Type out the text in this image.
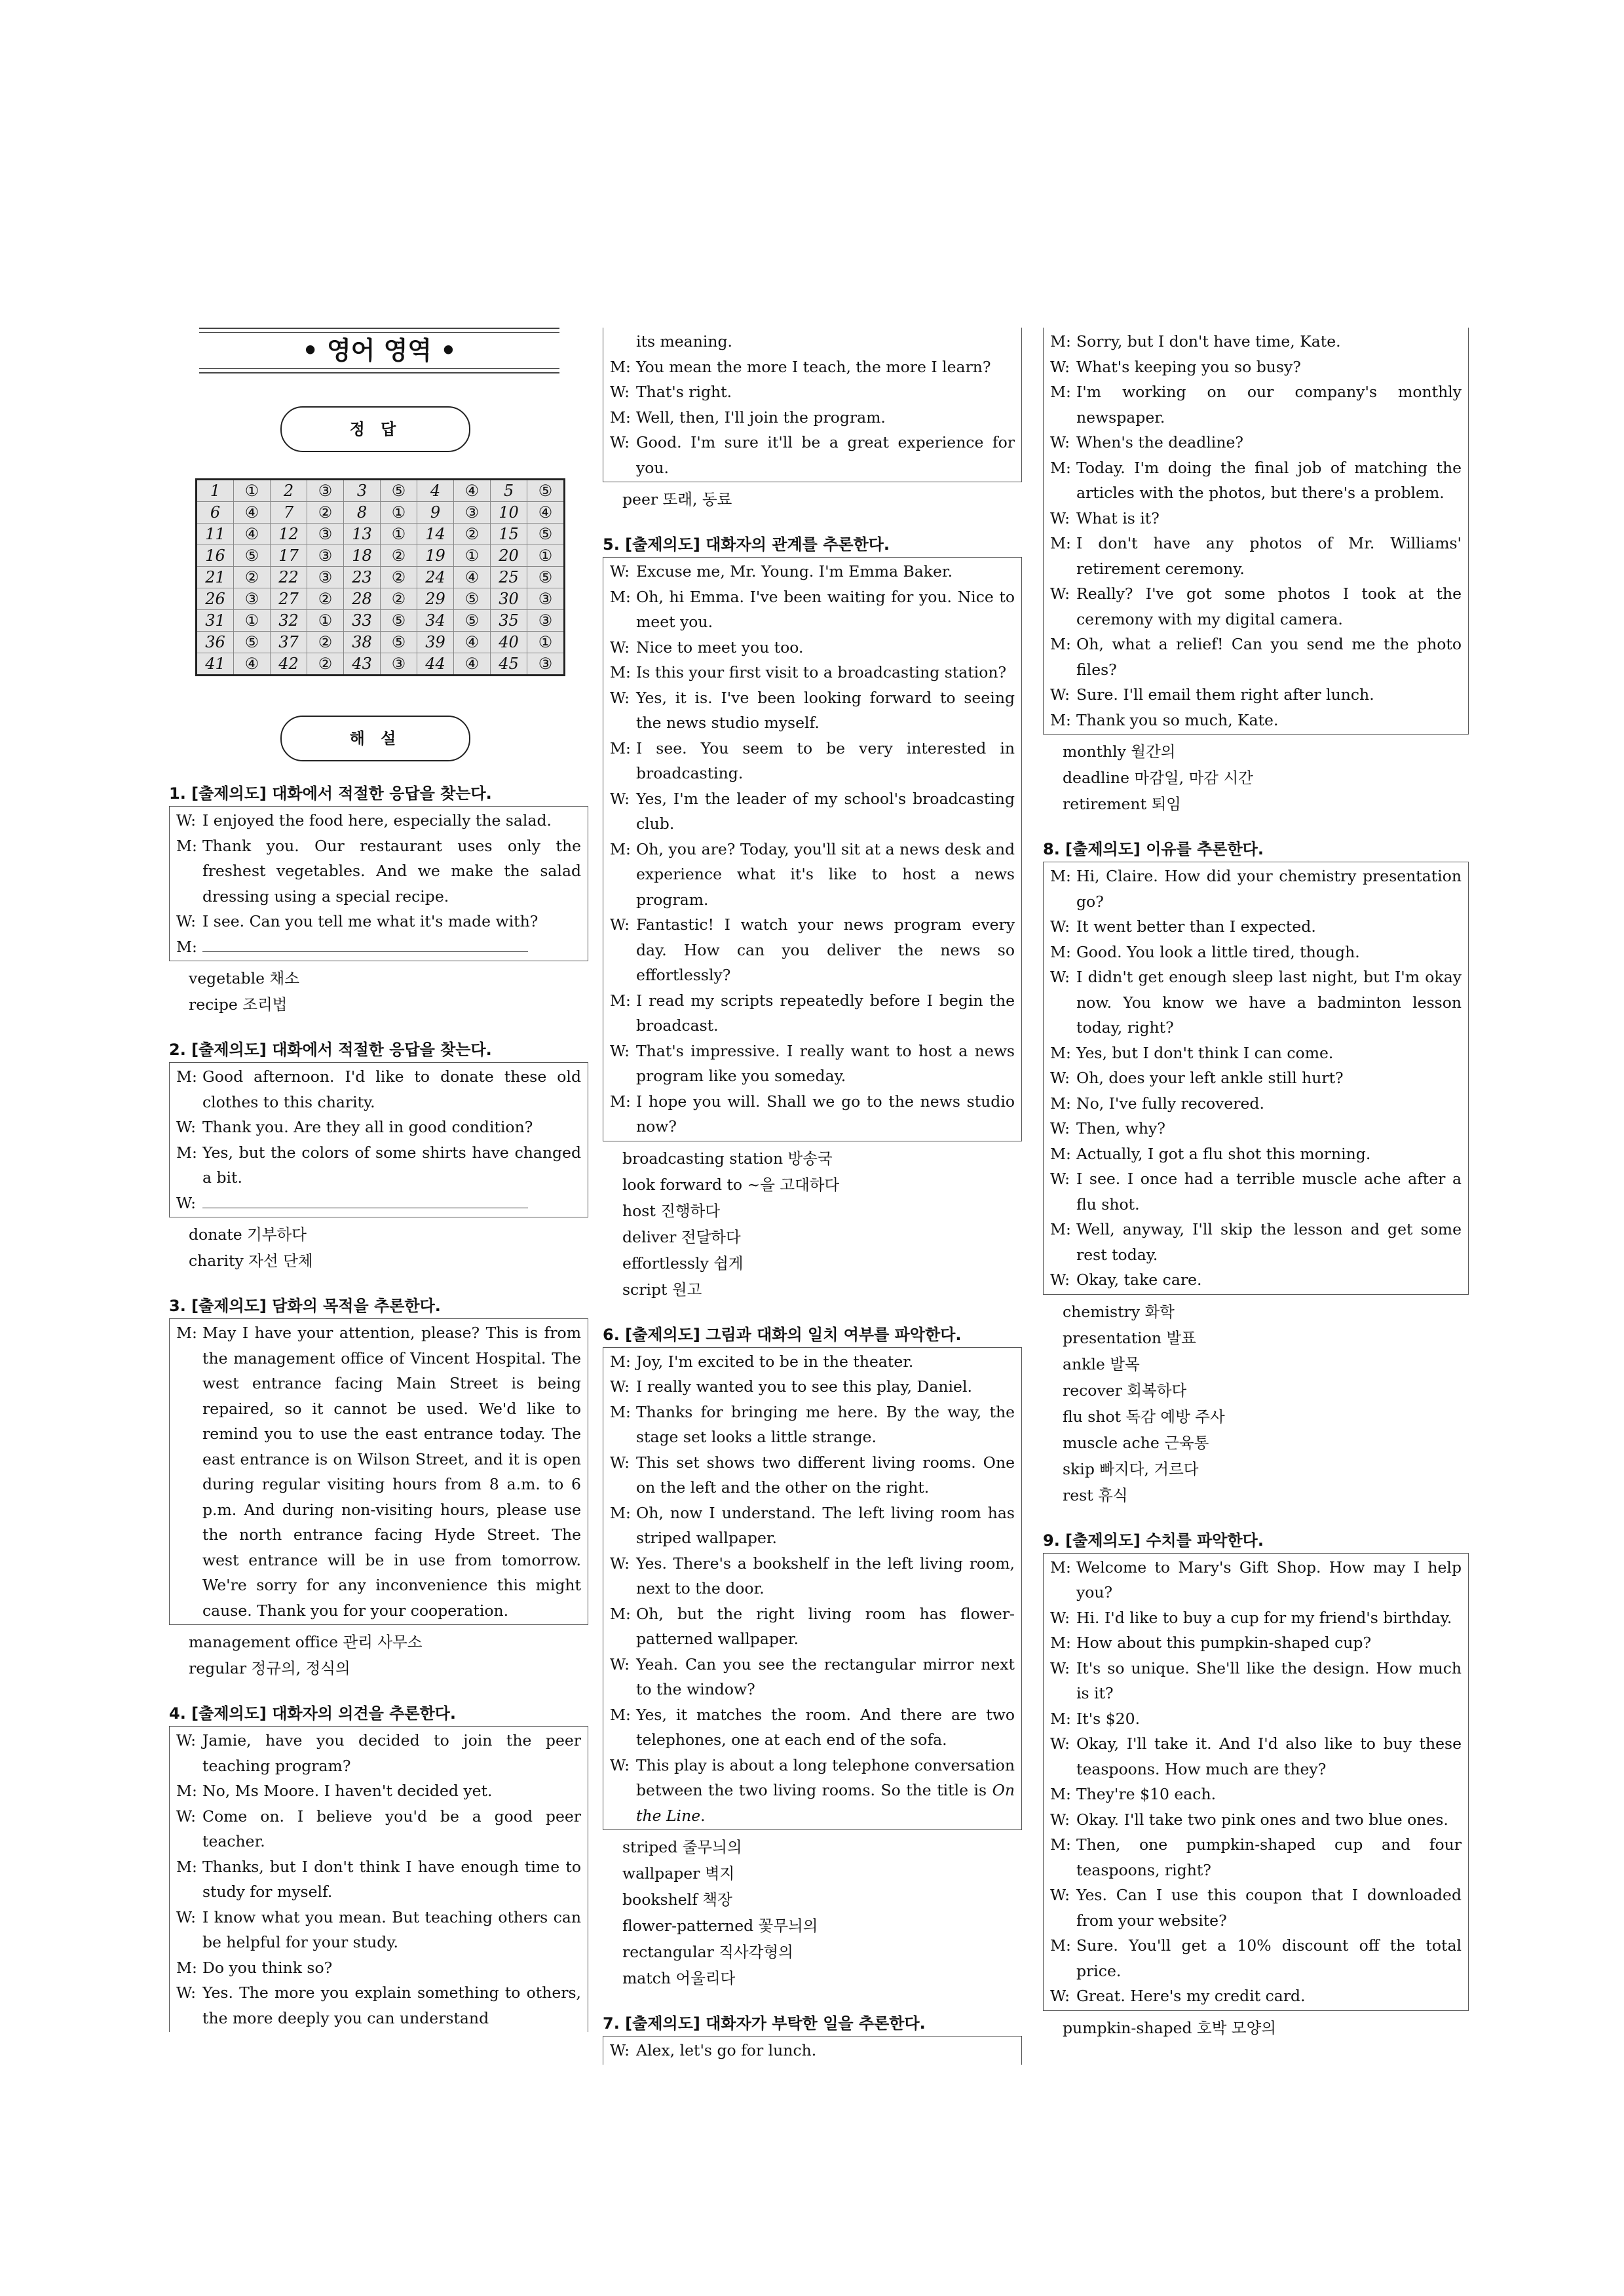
• 영어 영역 •
정 답
1	①	2	③	3	⑤	4	④	5	⑤
6	④	7	②	8	①	9	③	10	④
11	④	12	③	13	①	14	②	15	⑤
16	⑤	17	③	18	②	19	①	20	①
21	②	22	③	23	②	24	④	25	⑤
26	③	27	②	28	②	29	⑤	30	③
31	①	32	①	33	⑤	34	⑤	35	③
36	⑤	37	②	38	⑤	39	④	40	①
41	④	42	②	43	③	44	④	45	③
해 설
1. [출제의도] 대화에서 적절한 응답을 찾는다.
W: I enjoyed the food here, especially the salad.
M: Thank you. Our restaurant uses only the freshest vegetables. And we make the salad dressing using a special recipe.
W: I see. Can you tell me what it's made with?
M:
vegetable 채소
recipe 조리법
2. [출제의도] 대화에서 적절한 응답을 찾는다.
M: Good afternoon. I'd like to donate these old clothes to this charity.
W: Thank you. Are they all in good condition?
M: Yes, but the colors of some shirts have changed a bit.
W:
donate 기부하다
charity 자선 단체
3. [출제의도] 담화의 목적을 추론한다.
M: May I have your attention, please? This is from the management office of Vincent Hospital. The west entrance facing Main Street is being repaired, so it cannot be used. We'd like to remind you to use the east entrance today. The east entrance is on Wilson Street, and it is open during regular visiting hours from 8 a.m. to 6 p.m. And during non-visiting hours, please use the north entrance facing Hyde Street. The west entrance will be in use from tomorrow. We're sorry for any inconvenience this might cause. Thank you for your cooperation.
management office 관리 사무소
regular 정규의, 정식의
4. [출제의도] 대화자의 의견을 추론한다.
W: Jamie, have you decided to join the peer teaching program?
M: No, Ms Moore. I haven't decided yet.
W: Come on. I believe you'd be a good peer teacher.
M: Thanks, but I don't think I have enough time to study for myself.
W: I know what you mean. But teaching others can be helpful for your study.
M: Do you think so?
W: Yes. The more you explain something to others, the more deeply you can understand
its meaning.
M: You mean the more I teach, the more I learn?
W: That's right.
M: Well, then, I'll join the program.
W: Good. I'm sure it'll be a great experience for you.
peer 또래, 동료
5. [출제의도] 대화자의 관계를 추론한다.
W: Excuse me, Mr. Young. I'm Emma Baker.
M: Oh, hi Emma. I've been waiting for you. Nice to meet you.
W: Nice to meet you too.
M: Is this your first visit to a broadcasting station?
W: Yes, it is. I've been looking forward to seeing the news studio myself.
M: I see. You seem to be very interested in broadcasting.
W: Yes, I'm the leader of my school's broadcasting club.
M: Oh, you are? Today, you'll sit at a news desk and experience what it's like to host a news program.
W: Fantastic! I watch your news program every day. How can you deliver the news so effortlessly?
M: I read my scripts repeatedly before I begin the broadcast.
W: That's impressive. I really want to host a news program like you someday.
M: I hope you will. Shall we go to the news studio now?
broadcasting station 방송국
look forward to ~을 고대하다
host 진행하다
deliver 전달하다
effortlessly 쉽게
script 원고
6. [출제의도] 그림과 대화의 일치 여부를 파악한다.
M: Joy, I'm excited to be in the theater.
W: I really wanted you to see this play, Daniel.
M: Thanks for bringing me here. By the way, the stage set looks a little strange.
W: This set shows two different living rooms. One on the left and the other on the right.
M: Oh, now I understand. The left living room has striped wallpaper.
W: Yes. There's a bookshelf in the left living room, next to the door.
M: Oh, but the right living room has flower-patterned wallpaper.
W: Yeah. Can you see the rectangular mirror next to the window?
M: Yes, it matches the room. And there are two telephones, one at each end of the sofa.
W: This play is about a long telephone conversation between the two living rooms. So the title is On the Line.
striped 줄무늬의
wallpaper 벽지
bookshelf 책장
flower-patterned 꽃무늬의
rectangular 직사각형의
match 어울리다
7. [출제의도] 대화자가 부탁한 일을 추론한다.
W: Alex, let's go for lunch.
M: Sorry, but I don't have time, Kate.
W: What's keeping you so busy?
M: I'm working on our company's monthly newspaper.
W: When's the deadline?
M: Today. I'm doing the final job of matching the articles with the photos, but there's a problem.
W: What is it?
M: I don't have any photos of Mr. Williams' retirement ceremony.
W: Really? I've got some photos I took at the ceremony with my digital camera.
M: Oh, what a relief! Can you send me the photo files?
W: Sure. I'll email them right after lunch.
M: Thank you so much, Kate.
monthly 월간의
deadline 마감일, 마감 시간
retirement 퇴임
8. [출제의도] 이유를 추론한다.
M: Hi, Claire. How did your chemistry presentation go?
W: It went better than I expected.
M: Good. You look a little tired, though.
W: I didn't get enough sleep last night, but I'm okay now. You know we have a badminton lesson today, right?
M: Yes, but I don't think I can come.
W: Oh, does your left ankle still hurt?
M: No, I've fully recovered.
W: Then, why?
M: Actually, I got a flu shot this morning.
W: I see. I once had a terrible muscle ache after a flu shot.
M: Well, anyway, I'll skip the lesson and get some rest today.
W: Okay, take care.
chemistry 화학
presentation 발표
ankle 발목
recover 회복하다
flu shot 독감 예방 주사
muscle ache 근육통
skip 빠지다, 거르다
rest 휴식
9. [출제의도] 수치를 파악한다.
M: Welcome to Mary's Gift Shop. How may I help you?
W: Hi. I'd like to buy a cup for my friend's birthday.
M: How about this pumpkin-shaped cup?
W: It's so unique. She'll like the design. How much is it?
M: It's $20.
W: Okay, I'll take it. And I'd also like to buy these teaspoons. How much are they?
M: They're $10 each.
W: Okay. I'll take two pink ones and two blue ones.
M: Then, one pumpkin-shaped cup and four teaspoons, right?
W: Yes. Can I use this coupon that I downloaded from your website?
M: Sure. You'll get a 10% discount off the total price.
W: Great. Here's my credit card.
pumpkin-shaped 호박 모양의
